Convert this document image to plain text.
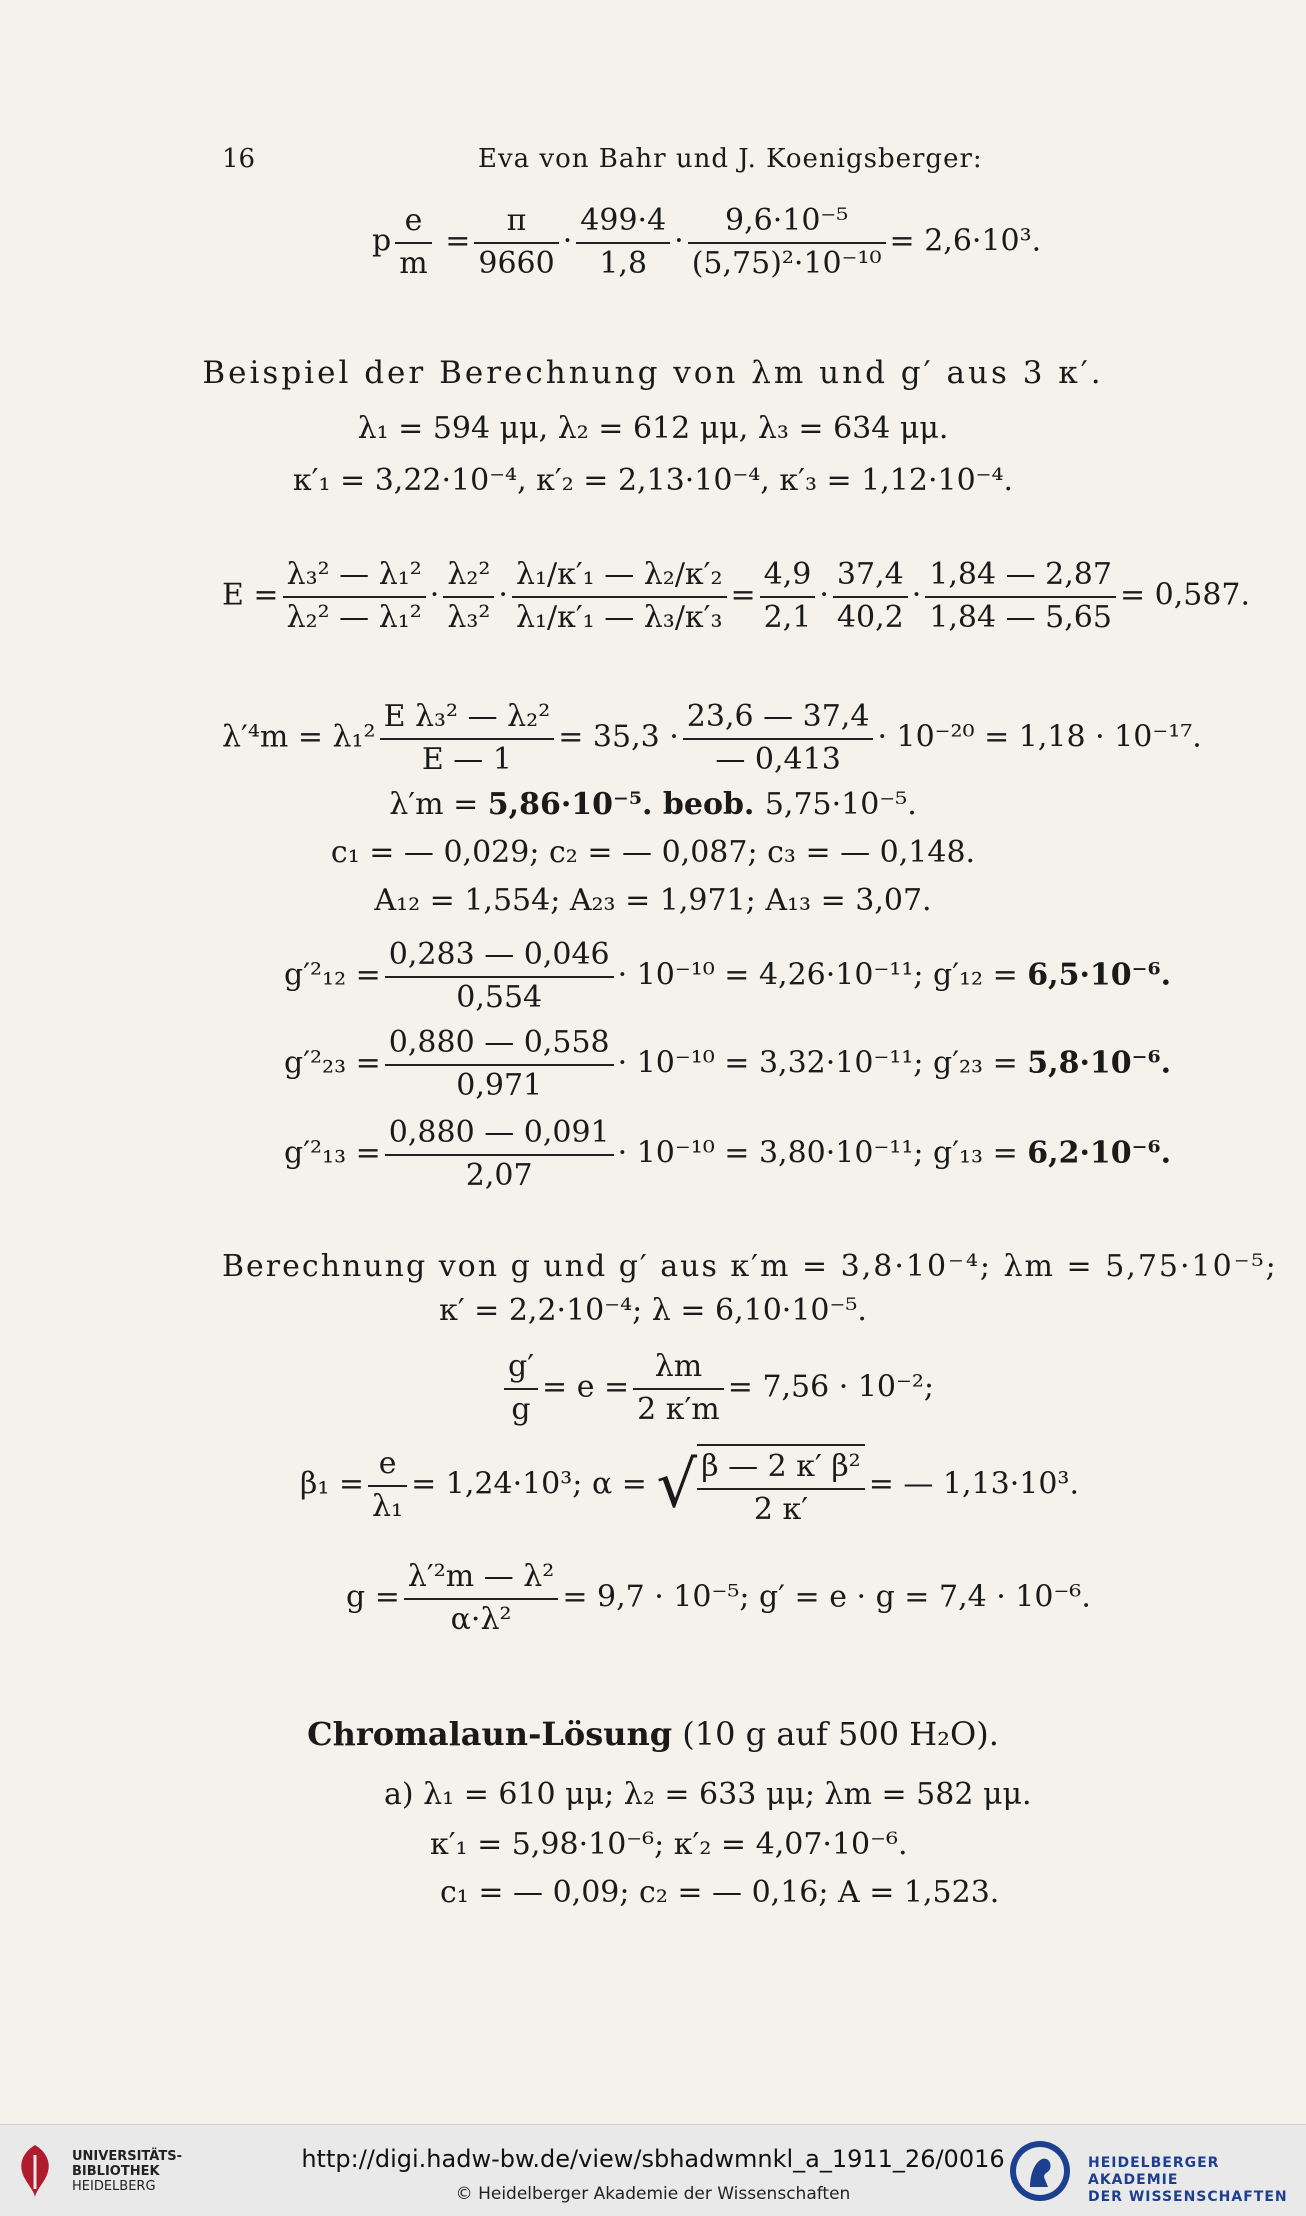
16	Eva von Bahr und J. Koenigsberger:
p $\frac{e}{m} = \frac{\pi}{9660} \cdot \frac{499\cdot 4}{1,8} \cdot \frac{\text{9,6·10⁻⁵}}{\text{(5,75)²·10⁻¹⁰}} = 2,6\cdot 10^3$.
Beispiel der Berechnung von λm und g′ aus 3 κ′.
λ₁ = 594 μμ, λ₂ = 612 μμ, λ₃ = 634 μμ.
κ′₁ = 3,22·10⁻⁴, κ′₂ = 2,13·10⁻⁴, κ′₃ = 1,12·10⁻⁴.
$E = \frac{\text{λ₃² — λ₁²}}{\text{λ₂² — λ₁²}} \cdot \frac{\text{λ₂²}}{\text{λ₃²}} \cdot \frac{\text{λ₁/κ′₁ — λ₂/κ′₂}}{\text{λ₁/κ′₁ — λ₃/κ′₃}} = \frac{4,9}{2,1} \cdot \frac{37,4}{40,2} \cdot \frac{1,84 — 2,87}{1,84 — 5,65} = 0,587$.
$\lambda'^4m = \lambda_1^2 \frac{\text{E λ₃² — λ₂²}}{E — 1} = 35,3 \cdot \frac{23,6 — 37,4}{— 0,413} \cdot 10^{-20} = 1,18 \cdot 10^{-17}$.
λ′m = 5,86·10⁻⁵. beob. 5,75·10⁻⁵.
c₁ = — 0,029; c₂ = — 0,087; c₃ = — 0,148.
A₁₂ = 1,554; A₂₃ = 1,971; A₁₃ = 3,07.
$g'^2_{12} = \frac{0,283 — 0,046}{0,554} \cdot 10^{-10} = 4,26\cdot 10^{-11}$; g′₁₂ = 6,5·10⁻⁶.
$g'^2_{23} = \frac{0,880 — 0,558}{0,971} \cdot 10^{-10} = 3,32\cdot 10^{-11}$; g′₂₃ = 5,8·10⁻⁶.
$g'^2_{13} = \frac{0,880 — 0,091}{2,07} \cdot 10^{-10} = 3,80\cdot 10^{-11}$; g′₁₃ = 6,2·10⁻⁶.
Berechnung von g und g′ aus κ′m = 3,8·10⁻⁴; λm = 5,75·10⁻⁵;
κ′ = 2,2·10⁻⁴; λ = 6,10·10⁻⁵.
$\frac{g'}{g} = e = \frac{\lambda m}{2 \kappa'm} = 7,56 \cdot 10^{-2}$;
$\beta_1 = \frac{e}{\text{λ₁}} = 1,24\cdot 10^3$; α = √ $\frac{\text{β — 2 κ′ β²}}{2 \kappa'}$ = — 1,13·10³.
$g = \frac{\text{λ′²m — λ²}}{\text{α·λ²}} = 9,7 \cdot 10^{-5}$; g′ = e · g = 7,4 · 10⁻⁶.
Chromalaun-Lösung (10 g auf 500 H₂O).
a) λ₁ = 610 μμ; λ₂ = 633 μμ; λm = 582 μμ.
κ′₁ = 5,98·10⁻⁶; κ′₂ = 4,07·10⁻⁶.
c₁ = — 0,09; c₂ = — 0,16; A = 1,523.
UNIVERSITÄTS-
BIBLIOTHEK
HEIDELBERG
http://digi.hadw-bw.de/view/sbhadwmnkl_a_1911_26/0016
© Heidelberger Akademie der Wissenschaften
HEIDELBERGER AKADEMIE
DER WISSENSCHAFTEN
